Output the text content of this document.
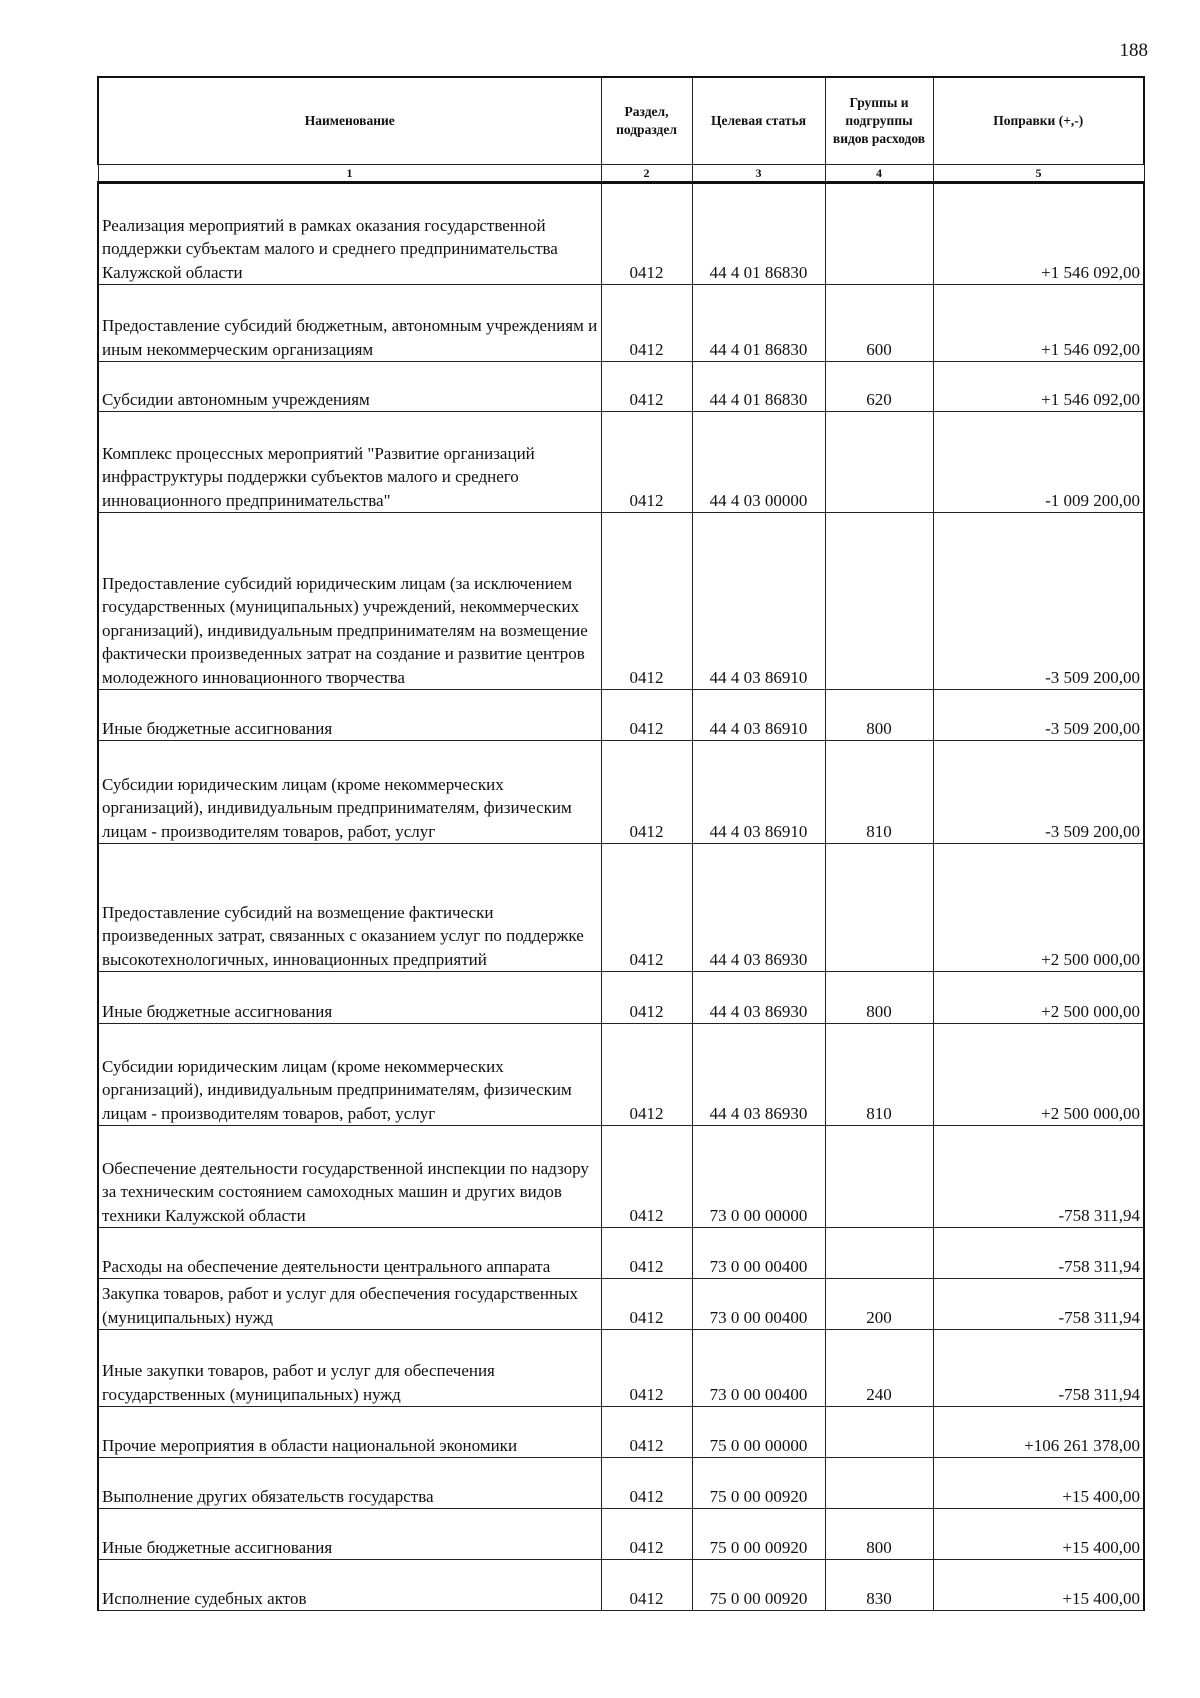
188
Наименование	Раздел, подраздел	Целевая статья	Группы и подгруппы видов расходов	Поправки (+,-)
1	2	3	4	5
Реализация мероприятий в рамках оказания государственной поддержки субъектам малого и среднего предпринимательства Калужской области	0412	44 4 01 86830		+1 546 092,00
Предоставление субсидий бюджетным, автономным учреждениям и иным некоммерческим организациям	0412	44 4 01 86830	600	+1 546 092,00
Субсидии автономным учреждениям	0412	44 4 01 86830	620	+1 546 092,00
Комплекс процессных мероприятий "Развитие организаций инфраструктуры поддержки субъектов малого и среднего инновационного предпринимательства"	0412	44 4 03 00000		-1 009 200,00
Предоставление субсидий юридическим лицам (за исключением государственных (муниципальных) учреждений, некоммерческих организаций), индивидуальным предпринимателям на возмещение фактически произведенных затрат на создание и развитие центров молодежного инновационного творчества	0412	44 4 03 86910		-3 509 200,00
Иные бюджетные ассигнования	0412	44 4 03 86910	800	-3 509 200,00
Субсидии юридическим лицам (кроме некоммерческих организаций), индивидуальным предпринимателям, физическим лицам - производителям товаров, работ, услуг	0412	44 4 03 86910	810	-3 509 200,00
Предоставление субсидий на возмещение фактически произведенных затрат, связанных с оказанием услуг по поддержке высокотехнологичных, инновационных предприятий	0412	44 4 03 86930		+2 500 000,00
Иные бюджетные ассигнования	0412	44 4 03 86930	800	+2 500 000,00
Субсидии юридическим лицам (кроме некоммерческих организаций), индивидуальным предпринимателям, физическим лицам - производителям товаров, работ, услуг	0412	44 4 03 86930	810	+2 500 000,00
Обеспечение деятельности государственной инспекции по надзору за техническим состоянием самоходных машин и других видов техники Калужской области	0412	73 0 00 00000		-758 311,94
Расходы на обеспечение деятельности центрального аппарата	0412	73 0 00 00400		-758 311,94
Закупка товаров, работ и услуг для обеспечения государственных (муниципальных) нужд	0412	73 0 00 00400	200	-758 311,94
Иные закупки товаров, работ и услуг для обеспечения государственных (муниципальных) нужд	0412	73 0 00 00400	240	-758 311,94
Прочие мероприятия в области национальной экономики	0412	75 0 00 00000		+106 261 378,00
Выполнение других обязательств государства	0412	75 0 00 00920		+15 400,00
Иные бюджетные ассигнования	0412	75 0 00 00920	800	+15 400,00
Исполнение судебных актов	0412	75 0 00 00920	830	+15 400,00
